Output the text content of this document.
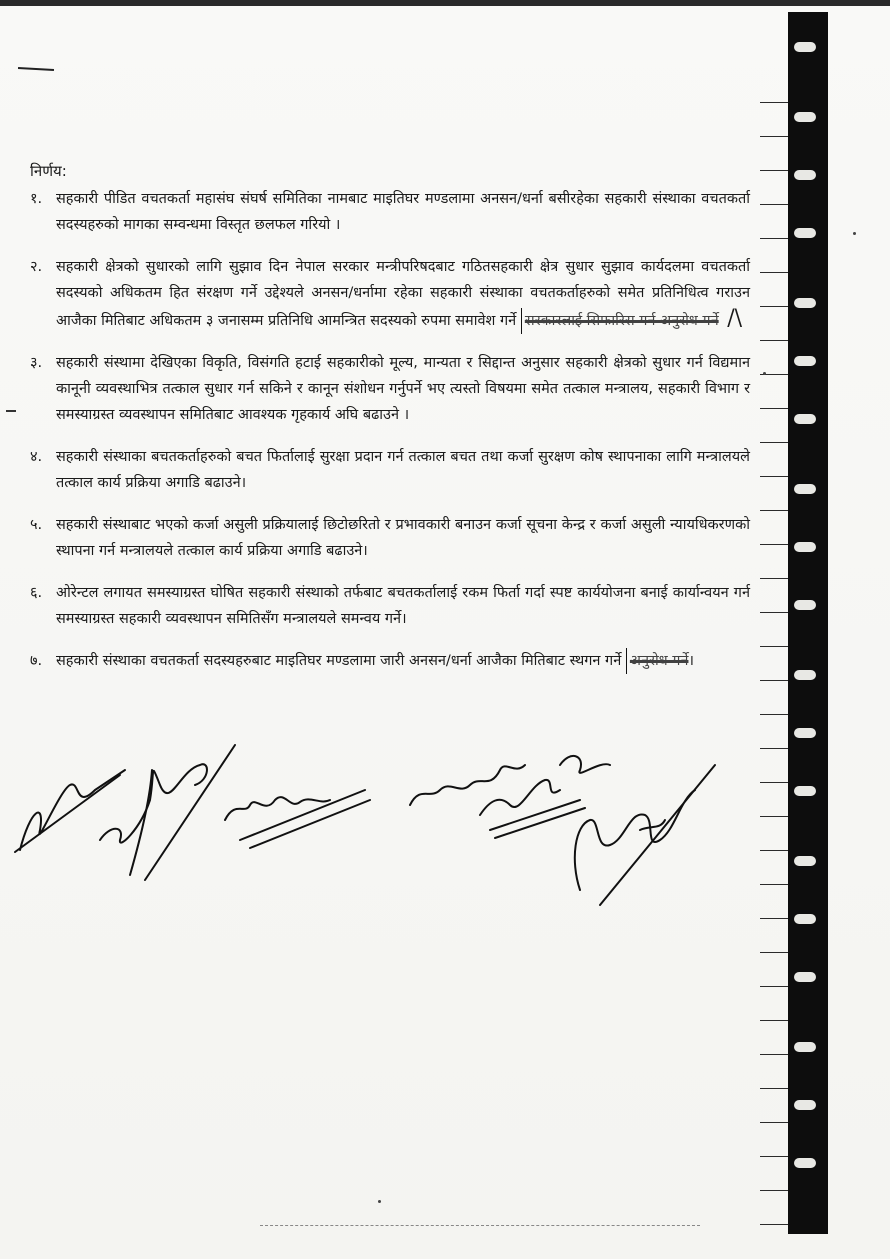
निर्णय:
१. सहकारी पीडित वचतकर्ता महासंघ संघर्ष समितिका नामबाट माइतिघर मण्डलामा अनसन/धर्ना बसीरहेका सहकारी संस्थाका वचतकर्ता सदस्यहरुको मागका सम्वन्धमा विस्तृत छलफल गरियो ।
२. सहकारी क्षेत्रको सुधारको लागि सुझाव दिन नेपाल सरकार मन्त्रीपरिषदबाट गठितसहकारी क्षेत्र सुधार सुझाव कार्यदलमा वचतकर्ता सदस्यको अधिकतम हित संरक्षण गर्ने उद्देश्यले अनसन/धर्नामा रहेका सहकारी संस्थाका वचतकर्ताहरुको समेत प्रतिनिधित्व गराउन आजैका मितिबाट अधिकतम ३ जनासम्म प्रतिनिधि आमन्त्रित सदस्यको रुपमा समावेश गर्ने सरकारलाई सिफारिस गर्न अनुरोध गर्ने /\
३. सहकारी संस्थामा देखिएका विकृति, विसंगति हटाई सहकारीको मूल्य, मान्यता र सिद्दान्त अनुसार सहकारी क्षेत्रको सुधार गर्न विद्यमान कानूनी व्यवस्थाभित्र तत्काल सुधार गर्न सकिने र कानून संशोधन गर्नुपर्ने भए त्यस्तो विषयमा समेत तत्काल मन्त्रालय, सहकारी विभाग र समस्याग्रस्त व्यवस्थापन समितिबाट आवश्यक गृहकार्य अघि बढाउने ।
४. सहकारी संस्थाका बचतकर्ताहरुको बचत फिर्तालाई सुरक्षा प्रदान गर्न तत्काल बचत तथा कर्जा सुरक्षण कोष स्थापनाका लागि मन्त्रालयले तत्काल कार्य प्रक्रिया अगाडि बढाउने।
५. सहकारी संस्थाबाट भएको कर्जा असुली प्रक्रियालाई छिटोछरितो र प्रभावकारी बनाउन कर्जा सूचना केन्द्र र कर्जा असुली न्यायधिकरणको स्थापना गर्न मन्त्रालयले तत्काल कार्य प्रक्रिया अगाडि बढाउने।
६. ओरेन्टल लगायत समस्याग्रस्त घोषित सहकारी संस्थाको तर्फबाट बचतकर्तालाई रकम फिर्ता गर्दा स्पष्ट कार्ययोजना बनाई कार्यान्वयन गर्न समस्याग्रस्त सहकारी व्यवस्थापन समितिसँग मन्त्रालयले समन्वय गर्ने।
७. सहकारी संस्थाका वचतकर्ता सदस्यहरुबाट माइतिघर मण्डलामा जारी अनसन/धर्ना आजैका मितिबाट स्थगन गर्ने अनुरोध गर्ने।
